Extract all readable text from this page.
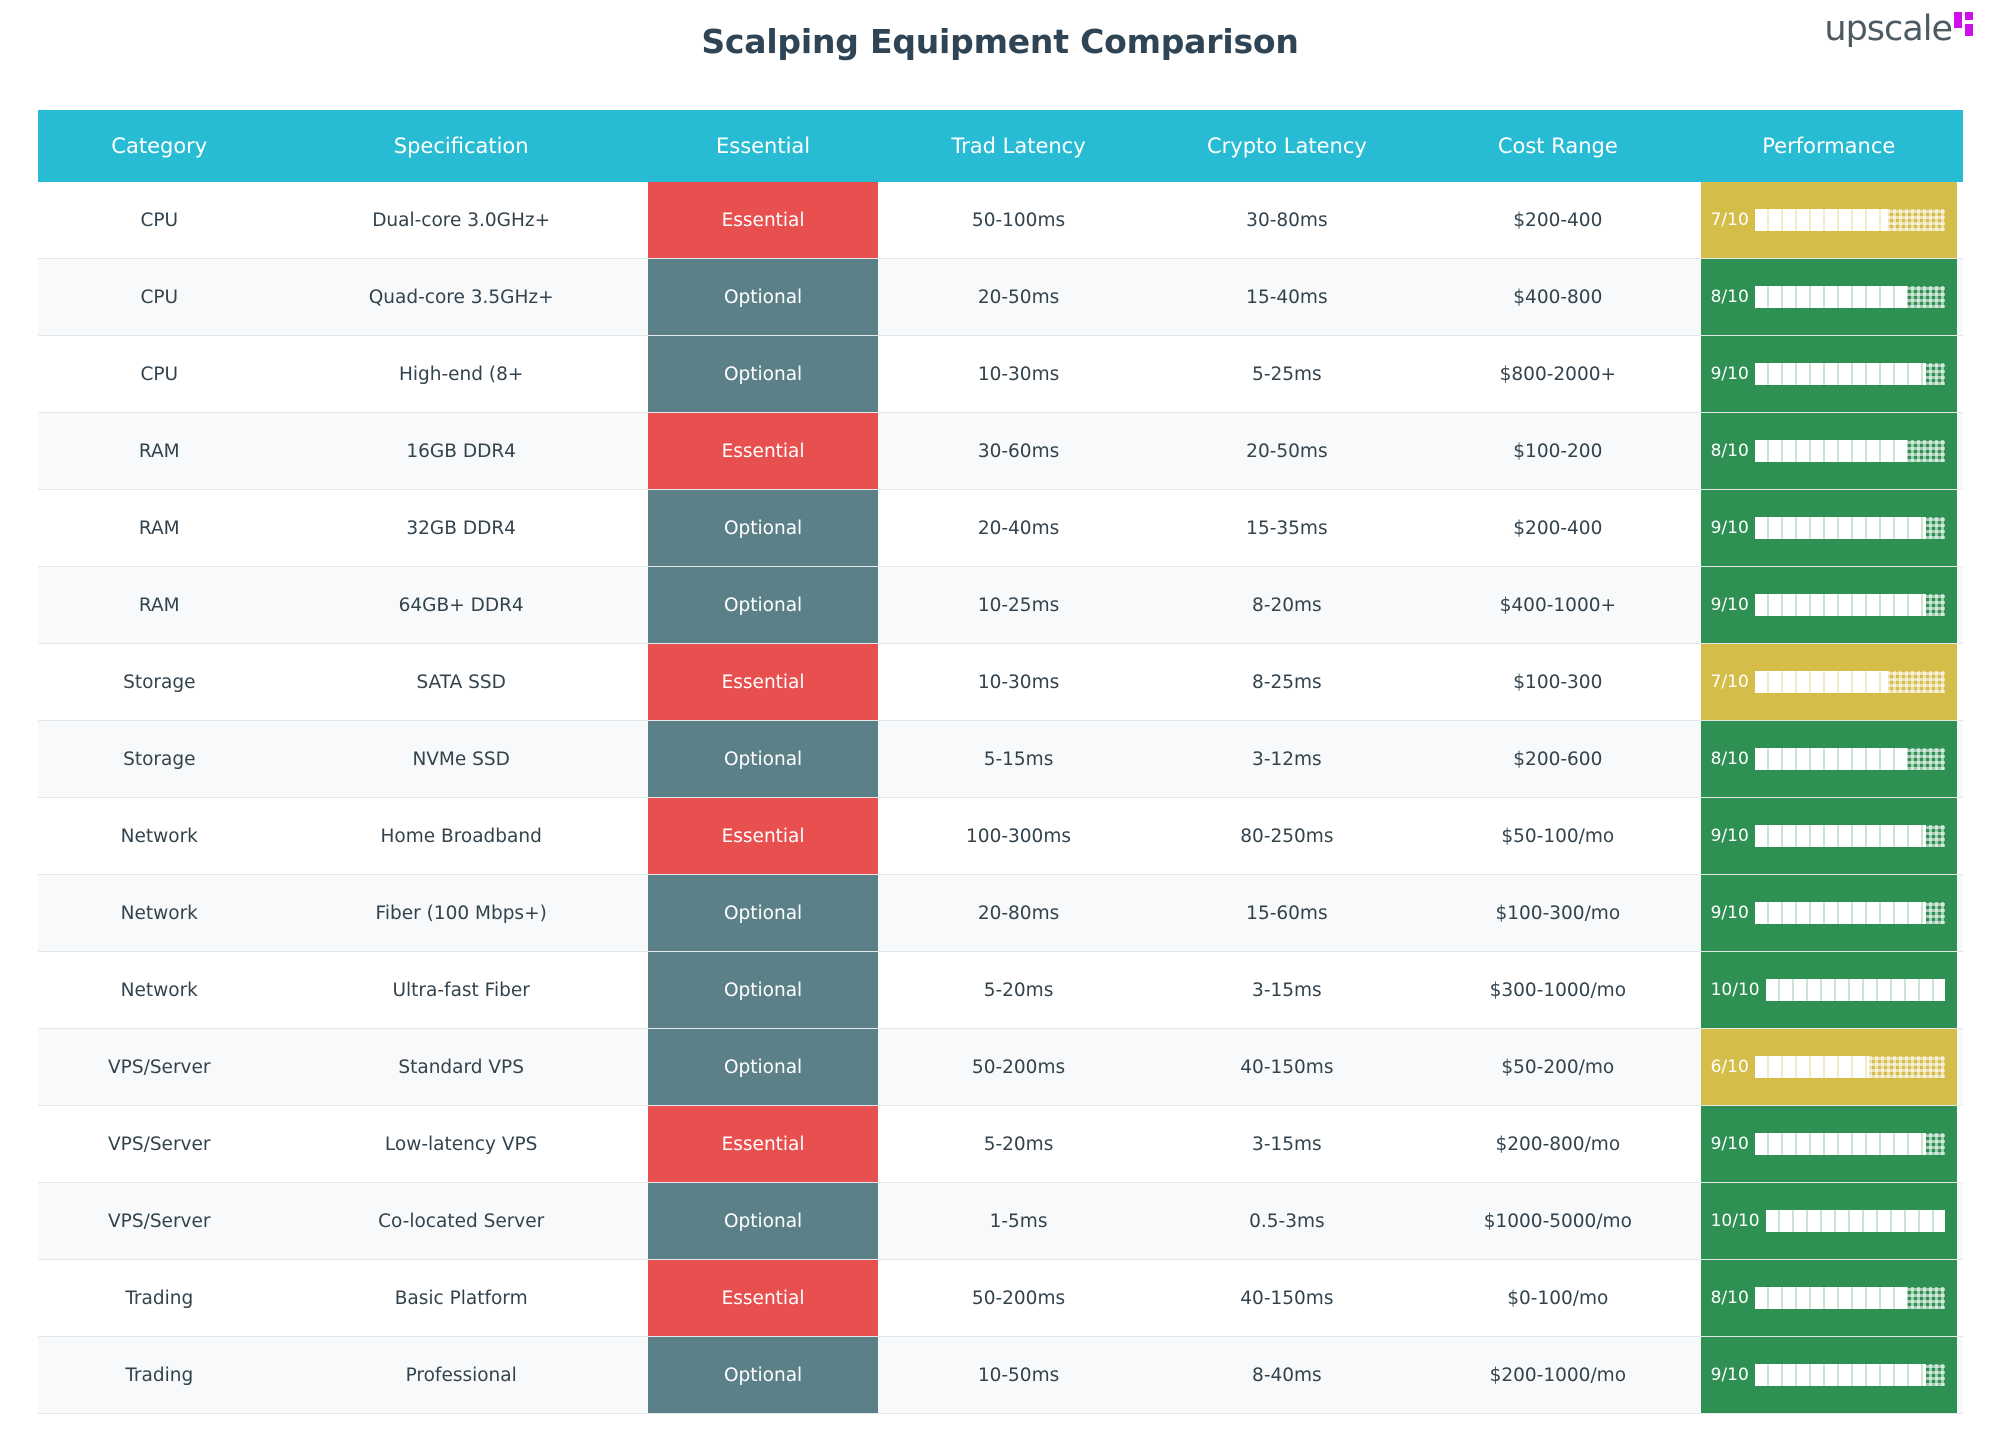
Scalping Equipment Comparison	upscale
Category	Specification	Essential	Trad Latency	Crypto Latency	Cost Range	Performance
CPU	Dual-core 3.0GHz+	Essential	50-100ms	30-80ms	$200-400	7/10

CPU	Quad-core 3.5GHz+	Optional	20-50ms	15-40ms	$400-800	8/10

CPU	High-end (8+	Optional	10-30ms	5-25ms	$800-2000+	9/10

RAM	16GB DDR4	Essential	30-60ms	20-50ms	$100-200	8/10

RAM	32GB DDR4	Optional	20-40ms	15-35ms	$200-400	9/10

RAM	64GB+ DDR4	Optional	10-25ms	8-20ms	$400-1000+	9/10

Storage	SATA SSD	Essential	10-30ms	8-25ms	$100-300	7/10

Storage	NVMe SSD	Optional	5-15ms	3-12ms	$200-600	8/10

Network	Home Broadband	Essential	100-300ms	80-250ms	$50-100/mo	9/10

Network	Fiber (100 Mbps+)	Optional	20-80ms	15-60ms	$100-300/mo	9/10

Network	Ultra-fast Fiber	Optional	5-20ms	3-15ms	$300-1000/mo	10/10

VPS/Server	Standard VPS	Optional	50-200ms	40-150ms	$50-200/mo	6/10

VPS/Server	Low-latency VPS	Essential	5-20ms	3-15ms	$200-800/mo	9/10

VPS/Server	Co-located Server	Optional	1-5ms	0.5-3ms	$1000-5000/mo	10/10

Trading	Basic Platform	Essential	50-200ms	40-150ms	$0-100/mo	8/10

Trading	Professional	Optional	10-50ms	8-40ms	$200-1000/mo	9/10
